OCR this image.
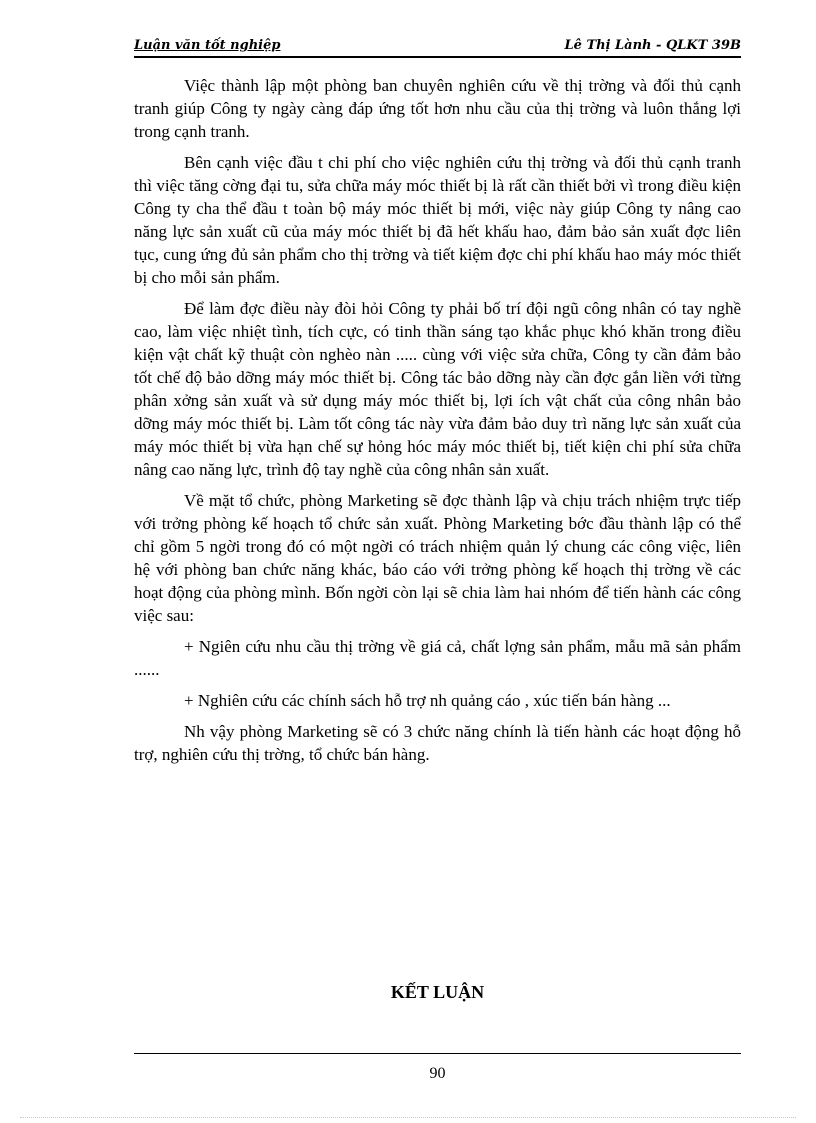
Luận văn tốt nghiệp	Lê Thị Lành - QLKT 39B

Việc thành lập một phòng ban chuyên nghiên cứu về thị trờng và đối thủ cạnh tranh giúp Công ty ngày càng đáp ứng tốt hơn nhu cầu của thị trờng và luôn thắng lợi trong cạnh tranh.

Bên cạnh việc đầu t chi phí cho việc nghiên cứu thị trờng và đối thủ cạnh tranh thì việc tăng cờng đại tu, sửa chữa máy móc thiết bị là rất cần thiết bởi vì trong điều kiện Công ty cha thể đầu t toàn bộ máy móc thiết bị mới, việc này giúp Công ty nâng cao năng lực sản xuất cũ của máy móc thiết bị đã hết khấu hao, đảm bảo sản xuất đợc liên tục, cung ứng đủ sản phẩm cho thị trờng và tiết kiệm đợc chi phí khấu hao máy móc thiết bị cho mỗi sản phẩm.

Để làm đợc điều này đòi hỏi Công ty phải bố trí đội ngũ công nhân có tay nghề cao, làm việc nhiệt tình, tích cực, có tinh thần sáng tạo khắc phục khó khăn trong điều kiện vật chất kỹ thuật còn nghèo nàn ..... cùng với việc sửa chữa, Công ty cần đảm bảo tốt chế độ bảo dỡng máy móc thiết bị. Công tác bảo dỡng này cần đợc gắn liền với từng phân xởng sản xuất và sử dụng máy móc thiết bị, lợi ích vật chất của công nhân bảo dỡng máy móc thiết bị. Làm tốt công tác này vừa đảm bảo duy trì năng lực sản xuất của máy móc thiết bị vừa hạn chế sự hỏng hóc máy móc thiết bị, tiết kiện chi phí sửa chữa nâng cao năng lực, trình độ tay nghề của công nhân sản xuất.

Về mặt tổ chức, phòng Marketing sẽ đợc thành lập và chịu trách nhiệm trực tiếp với trởng phòng kế hoạch tổ chức sản xuất. Phòng Marketing bớc đầu thành lập có thể chỉ gồm 5 ngời trong đó có một ngời có trách nhiệm quản lý chung các công việc, liên hệ với phòng ban chức năng khác, báo cáo với trởng phòng kế hoạch thị trờng về các hoạt động của phòng mình. Bốn ngời còn lại sẽ chia làm hai nhóm để tiến hành các công việc sau:

+ Ngiên cứu nhu cầu thị trờng về giá cả, chất lợng sản phẩm, mẫu mã sản phẩm ......

+ Nghiên cứu các chính sách hỗ trợ nh quảng cáo , xúc tiến bán hàng ...

Nh vậy phòng Marketing sẽ có 3 chức năng chính là tiến hành các hoạt động hỗ trợ, nghiên cứu thị trờng, tổ chức bán hàng.

KẾT LUẬN
90
